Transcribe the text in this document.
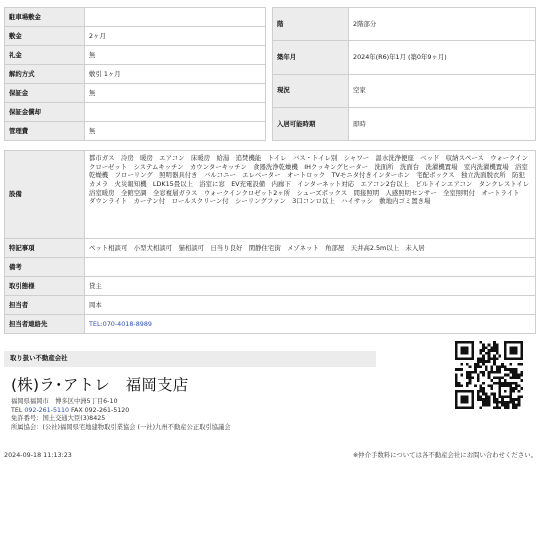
駐車場敷金	
敷金	2ヶ月
礼金	無
解約方式	敷引 1ヶ月
保証金	無
保証金償却	
管理費	無
階	2階部分
築年月	2024年(R6)年1月 (築0年9ヶ月)
現況	空家
入居可能時期	即時
設備	都市ガス　冷房　暖房　エアコン　床暖房　給湯　追焚機能　トイレ　バス・トイレ別　シャワー　温水洗浄便座　ベッド　収納スペース　ウォークインクローゼット　システムキッチン　カウンターキッチン　食器洗浄乾燥機　IHクッキングヒーター　洗面所　洗面台　洗濯機置場　室内洗濯機置場　浴室乾燥機　フローリング　照明器具付き　バルコニー　エレベーター　オートロック　TVモニタ付きインターホン　宅配ボックス　独立洗面脱衣所　防犯カメラ　火災報知機　LDK15畳以上　浴室に窓　EV充電設備　内廊下　インターネット対応　エアコン2台以上　ビルトインエアコン　タンクレストイレ　浴室暖房　全館空調　全窓複層ガラス　ウォークインクロゼット2ヶ所　シューズボックス　間接照明　人感照明センサー　全室照明付　オートライト　ダウンライト　カーテン付　ロールスクリーン付　シーリングファン　3口コンロ以上　ハイサッシ　敷地内ゴミ置き場
特記事項	ペット相談可　小型犬相談可　猫相談可　日当り良好　閑静住宅街　メゾネット　角部屋　天井高2.5m以上　未入居
備考	
取引態様	貸主
担当者	岡本
担当者連絡先	TEL:070-4018-8989
取り扱い不動産会社
(株)ラ･アトレ　福岡支店
福岡県福岡市　博多区中洲5丁目6-10
TEL 092-261-5110 FAX 092-261-5120
免許番号：国土交通大臣(3)8425
所属協会：(公社)福岡県宅地建物取引業協会 (一社)九州不動産公正取引協議会
2024-09-18 11:13:23	※仲介手数料については各不動産会社にお問い合わせください。
